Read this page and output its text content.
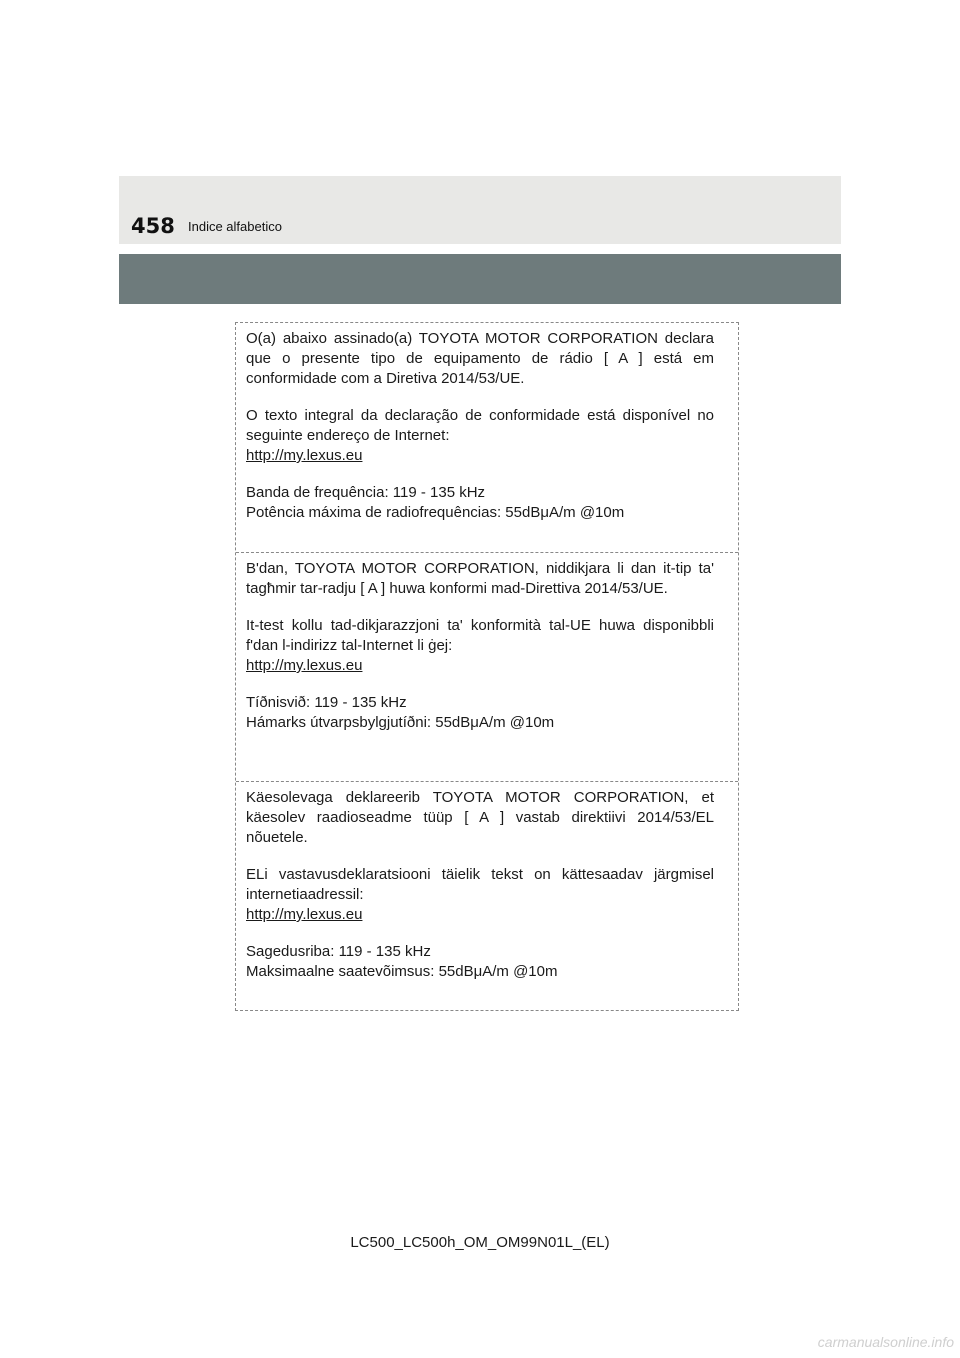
458 Indice alfabetico

O(a) abaixo assinado(a) TOYOTA MOTOR CORPORATION declara que o presente tipo de equipamento de rádio [ A ] está em conformidade com a Diretiva 2014/53/UE.

O texto integral da declaração de conformidade está disponível no seguinte endereço de Internet:
http://my.lexus.eu

Banda de frequência: 119 - 135 kHz
Potência máxima de radiofrequências: 55dBμA/m @10m

B'dan, TOYOTA MOTOR CORPORATION, niddikjara li dan it-tip ta' tagħmir tar-radju [ A ] huwa konformi mad-Direttiva 2014/53/UE.

It-test kollu tad-dikjarazzjoni ta' konformità tal-UE huwa disponibbli f'dan l-indirizz tal-Internet li ġej:
http://my.lexus.eu

Tíðnisvið: 119 - 135 kHz
Hámarks útvarpsbylgjutíðni: 55dBμA/m @10m

Käesolevaga deklareerib TOYOTA MOTOR CORPORATION, et käesolev raadioseadme tüüp [ A ] vastab direktiivi 2014/53/EL nõuetele.

ELi vastavusdeklaratsiooni täielik tekst on kättesaadav järgmisel internetiaadressil:
http://my.lexus.eu

Sagedusriba: 119 - 135 kHz
Maksimaalne saatevõimsus: 55dBμA/m @10m

LC500_LC500h_OM_OM99N01L_(EL)
carmanualsonline.info
